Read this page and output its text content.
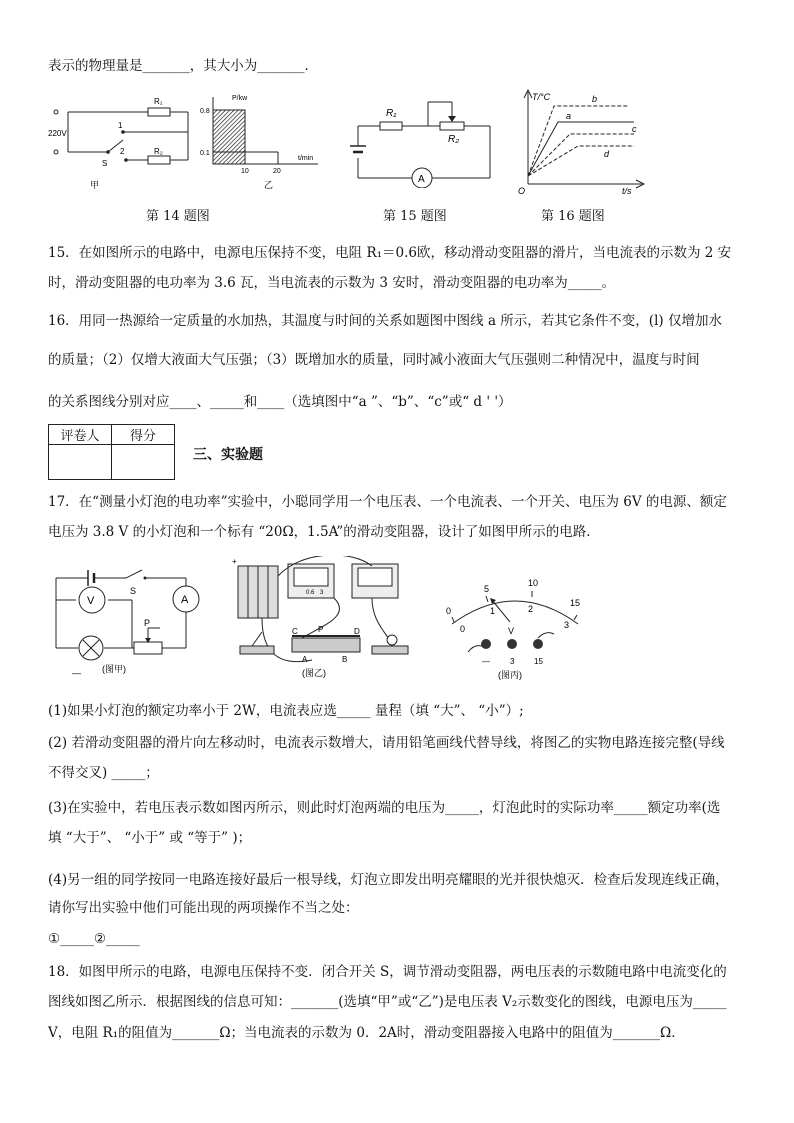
表示的物理量是_______，其大小为_______．
220V
R₁
R₂
1
2
S
甲
P/kw
t/min
0.8
0.1
10	20
乙
第 14 题图
A
R₁
R₂
第 15 题图
T/°C
t/s
O
b
a
c
d
第 16 题图
15．在如图所示的电路中，电源电压保持不变，电阻 R₁＝0.6欧，移动滑动变阻器的滑片，当电流表的示数为 2 安
时，滑动变阻器的电功率为 3.6 瓦，当电流表的示数为 3 安时，滑动变阻器的电功率为_____。
16．用同一热源给一定质量的水加热，其温度与时间的关系如题图中图线 a 所示，若其它条件不变，(l) 仅增加水
的质量；（2）仅增大液面大气压强；（3）既增加水的质量，同时减小液面大气压强则二种情况中，温度与时间
的关系图线分别对应____、_____和____（选填图中“a ”、“b”、“c”或“ d ' '）
评卷人	得分

三、实验题
17．在“测量小灯泡的电功率”实验中，小聪同学用一个电压表、一个电流表、一个开关、电压为 6V 的电源、额定
电压为 3.8 V 的小灯泡和一个标有 “20Ω，1.5A”的滑动变阻器，设计了如图甲所示的电路．
A
V
S
P
— (图甲)
+
C	D
P
A	B
0.6 3
(图乙)
5
10
15
0
0
1	2
3
V
—	3 15
(图丙)
(1)如果小灯泡的额定功率小于 2W，电流表应选_____ 量程（填 “大”、 “小”）;
(2) 若滑动变阻器的滑片向左移动时，电流表示数增大，请用铅笔画线代替导线，将图乙的实物电路连接完整(导线
不得交叉) _____；
(3)在实验中，若电压表示数如图丙所示，则此时灯泡两端的电压为_____，灯泡此时的实际功率_____额定功率(选
填 “大于”、 “小于” 或 “等于” )；
(4)另一组的同学按同一电路连接好最后一根导线，灯泡立即发出明亮耀眼的光并很快熄灭．检查后发现连线正确，
请你写出实验中他们可能出现的两项操作不当之处：
①_____②_____
18．如图甲所示的电路，电源电压保持不变．闭合开关 S，调节滑动变阻器，两电压表的示数随电路中电流变化的
图线如图乙所示．根据图线的信息可知：_______(选填“甲”或“乙”)是电压表 V₂示数变化的图线，电源电压为_____
V，电阻 R₁的阻值为_______Ω；当电流表的示数为 0．2A时，滑动变阻器接入电路中的阻值为_______Ω．
